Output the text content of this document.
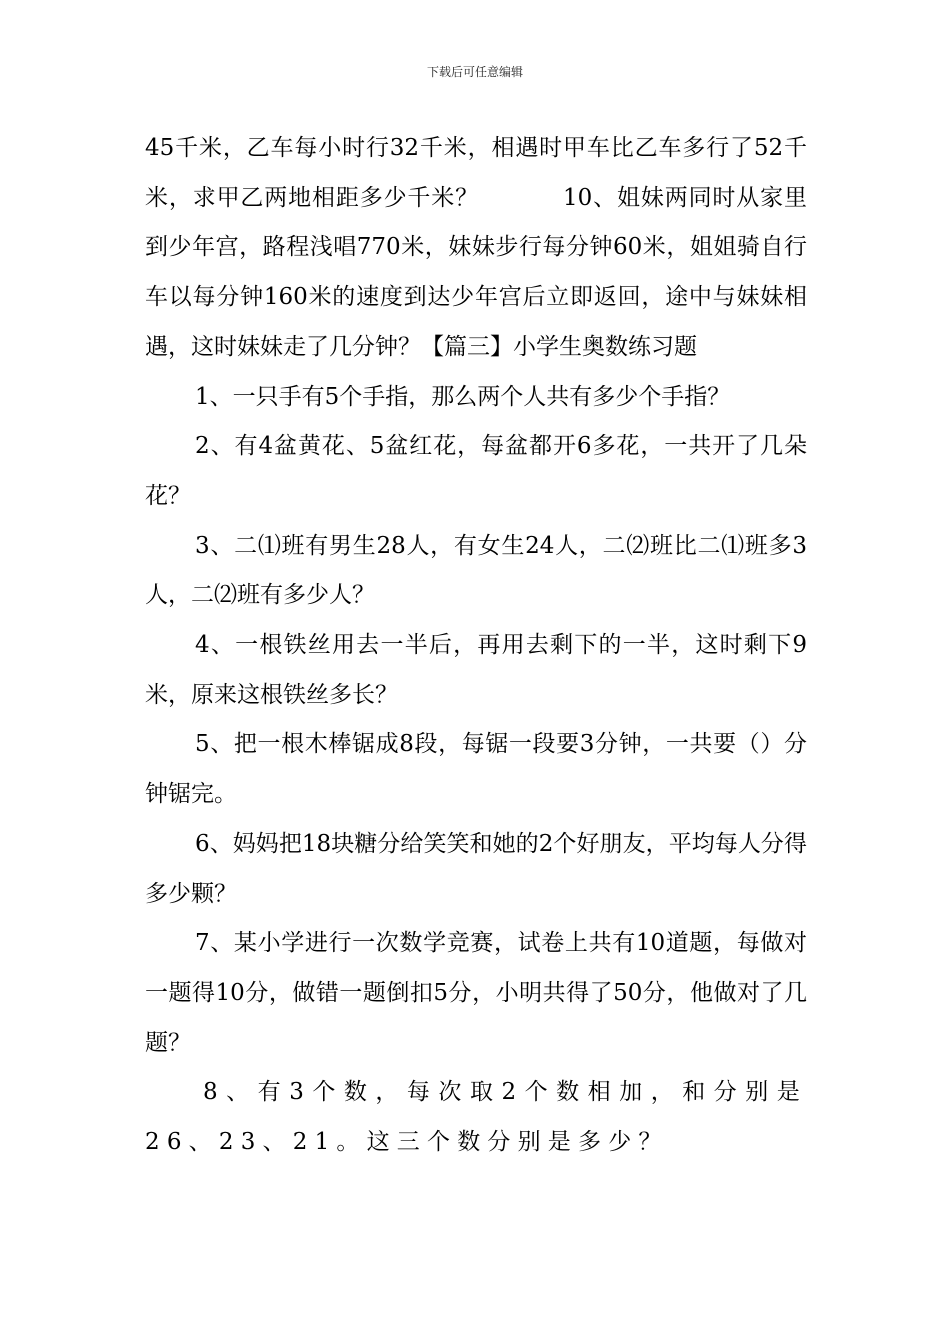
下载后可任意编辑

45千米，乙车每小时行32千米，相遇时甲车比乙车多行了52千米，求甲乙两地相距多少千米？	10、姐妹两同时从家里到少年宫，路程浅唱770米，妹妹步行每分钟60米，姐姐骑自行车以每分钟160米的速度到达少年宫后立即返回，途中与妹妹相遇，这时妹妹走了几分钟？【篇三】小学生奥数练习题

1、一只手有5个手指，那么两个人共有多少个手指？

2、有4盆黄花、5盆红花，每盆都开6多花，一共开了几朵花？

3、二⑴班有男生28人，有女生24人，二⑵班比二⑴班多3人，二⑵班有多少人？

4、一根铁丝用去一半后，再用去剩下的一半，这时剩下9米，原来这根铁丝多长？

5、把一根木棒锯成8段，每锯一段要3分钟，一共要（）分钟锯完。

6、妈妈把18块糖分给笑笑和她的2个好朋友，平均每人分得多少颗？

7、某小学进行一次数学竞赛，试卷上共有10道题，每做对一题得10分，做错一题倒扣5分，小明共得了50分，他做对了几题？

8、有3个数，每次取2个数相加，和分别是26、23、21。这三个数分别是多少？
